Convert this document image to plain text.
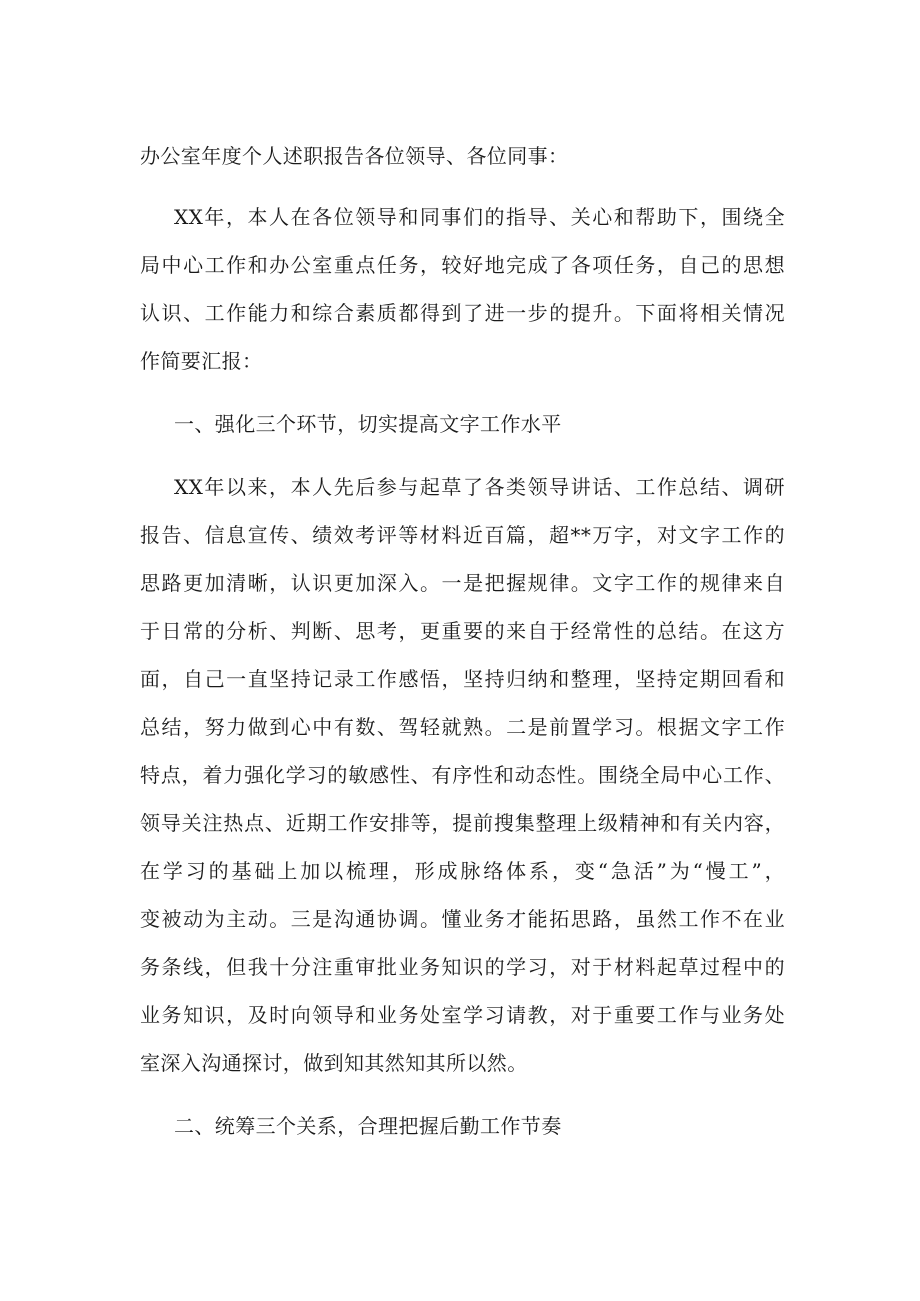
办公室年度个人述职报告各位领导、各位同事：
XX年，本人在各位领导和同事们的指导、关心和帮助下，围绕全
局中心工作和办公室重点任务，较好地完成了各项任务，自己的思想
认识、工作能力和综合素质都得到了进一步的提升。下面将相关情况
作简要汇报：
一、强化三个环节，切实提高文字工作水平
XX年以来，本人先后参与起草了各类领导讲话、工作总结、调研
报告、信息宣传、绩效考评等材料近百篇，超**万字，对文字工作的
思路更加清晰，认识更加深入。一是把握规律。文字工作的规律来自
于日常的分析、判断、思考，更重要的来自于经常性的总结。在这方
面，自己一直坚持记录工作感悟，坚持归纳和整理，坚持定期回看和
总结，努力做到心中有数、驾轻就熟。二是前置学习。根据文字工作
特点，着力强化学习的敏感性、有序性和动态性。围绕全局中心工作、
领导关注热点、近期工作安排等，提前搜集整理上级精神和有关内容，
在学习的基础上加以梳理，形成脉络体系，变“急活”为“慢工”，
变被动为主动。三是沟通协调。懂业务才能拓思路，虽然工作不在业
务条线，但我十分注重审批业务知识的学习，对于材料起草过程中的
业务知识，及时向领导和业务处室学习请教，对于重要工作与业务处
室深入沟通探讨，做到知其然知其所以然。
二、统筹三个关系，合理把握后勤工作节奏
